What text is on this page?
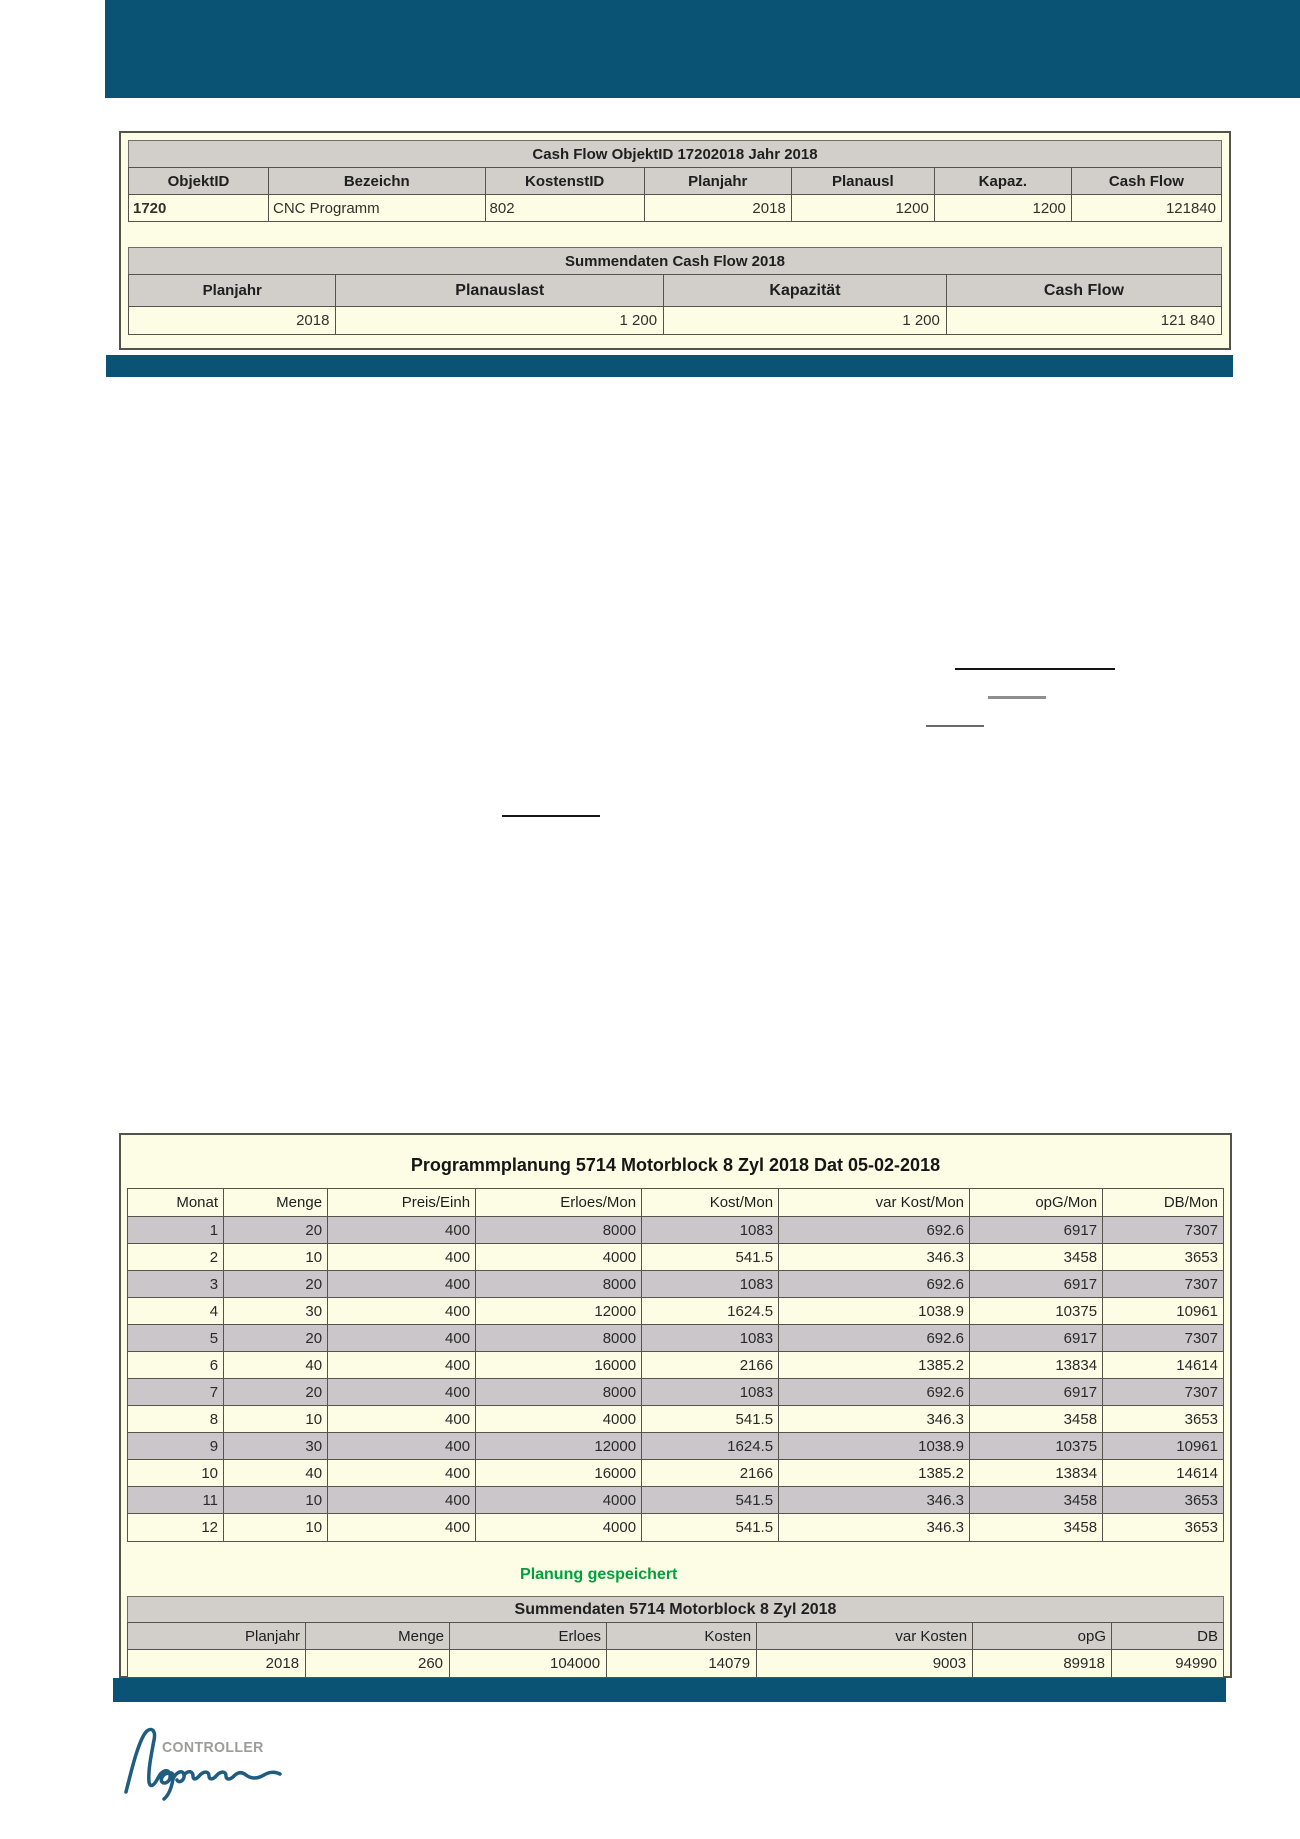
Cash Flow ObjektID 17202018 Jahr 2018
ObjektID	Bezeichn	KostenstID	Planjahr	Planausl	Kapaz.	Cash Flow
1720	CNC Programm	802	2018	1200	1200	121840
Summendaten Cash Flow 2018
Planjahr	Planauslast	Kapazität	Cash Flow
2018	1 200	1 200	121 840
Programmplanung 5714 Motorblock 8 Zyl 2018 Dat 05-02-2018
Monat	Menge	Preis/Einh	Erloes/Mon	Kost/Mon	var Kost/Mon	opG/Mon	DB/Mon
1	20	400	8000	1083	692.6	6917	7307
2	10	400	4000	541.5	346.3	3458	3653
3	20	400	8000	1083	692.6	6917	7307
4	30	400	12000	1624.5	1038.9	10375	10961
5	20	400	8000	1083	692.6	6917	7307
6	40	400	16000	2166	1385.2	13834	14614
7	20	400	8000	1083	692.6	6917	7307
8	10	400	4000	541.5	346.3	3458	3653
9	30	400	12000	1624.5	1038.9	10375	10961
10	40	400	16000	2166	1385.2	13834	14614
11	10	400	4000	541.5	346.3	3458	3653
12	10	400	4000	541.5	346.3	3458	3653
Planung gespeichert
Summendaten 5714 Motorblock 8 Zyl 2018
Planjahr	Menge	Erloes	Kosten	var Kosten	opG	DB
2018	260	104000	14079	9003	89918	94990
CONTROLLER
